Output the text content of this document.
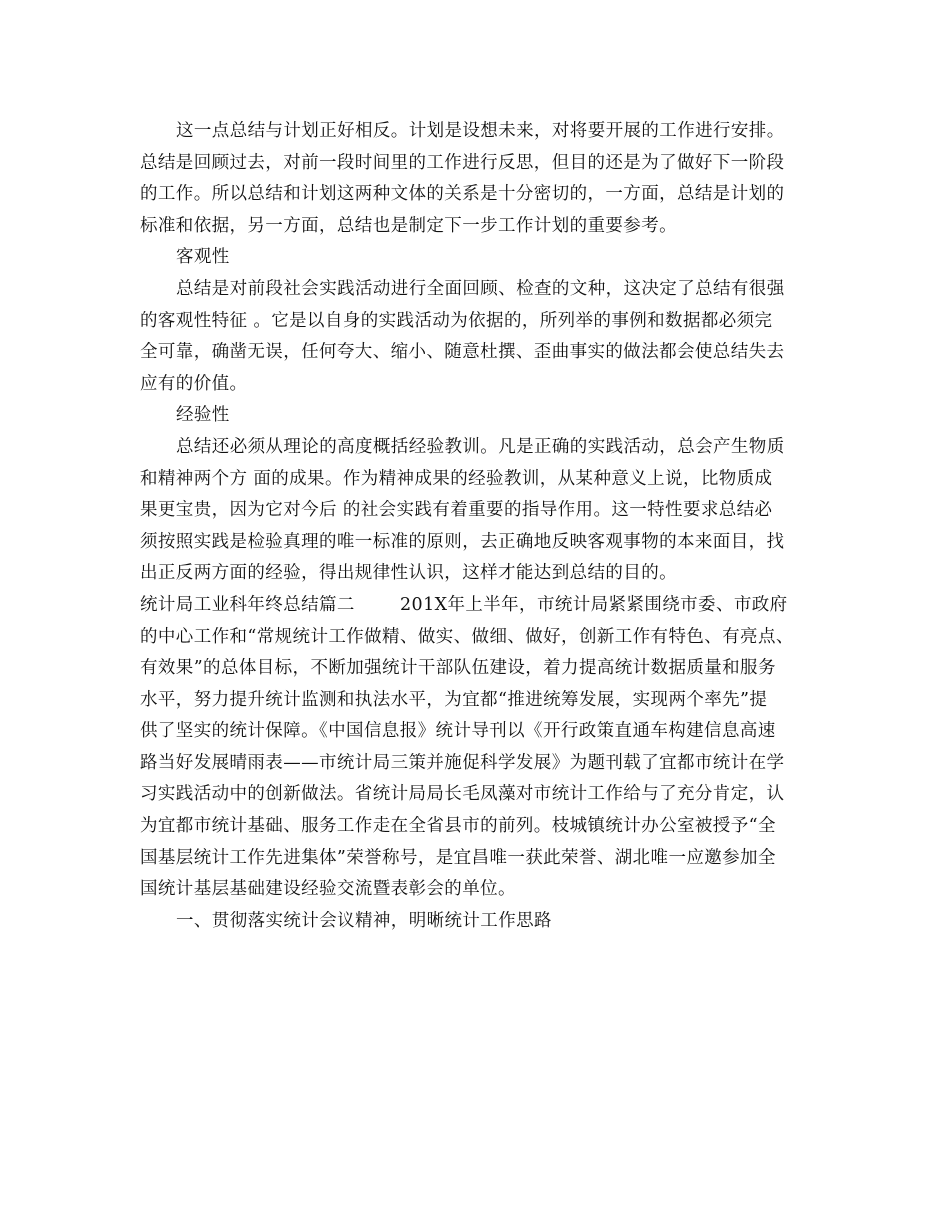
这一点总结与计划正好相反。计划是设想未来，对将要开展的工作进行安排。
总结是回顾过去，对前一段时间里的工作进行反思，但目的还是为了做好下一阶段
的工作。所以总结和计划这两种文体的关系是十分密切的，一方面，总结是计划的
标准和依据，另一方面，总结也是制定下一步工作计划的重要参考。
客观性
总结是对前段社会实践活动进行全面回顾、检查的文种，这决定了总结有很强
的客观性特征 。它是以自身的实践活动为依据的，所列举的事例和数据都必须完
全可靠，确凿无误，任何夸大、缩小、随意杜撰、歪曲事实的做法都会使总结失去
应有的价值。
经验性
总结还必须从理论的高度概括经验教训。凡是正确的实践活动，总会产生物质
和精神两个方 面的成果。作为精神成果的经验教训，从某种意义上说，比物质成
果更宝贵，因为它对今后 的社会实践有着重要的指导作用。这一特性要求总结必
须按照实践是检验真理的唯一标准的原则，去正确地反映客观事物的本来面目，找
出正反两方面的经验，得出规律性认识，这样才能达到总结的目的。
统计局工业科年终总结篇二	201X年上半年，市统计局紧紧围绕市委、市政府
的中心工作和“常规统计工作做精、做实、做细、做好，创新工作有特色、有亮点、
有效果”的总体目标，不断加强统计干部队伍建设，着力提高统计数据质量和服务
水平，努力提升统计监测和执法水平，为宜都“推进统筹发展，实现两个率先”提
供了坚实的统计保障。《中国信息报》统计导刊以《开行政策直通车构建信息高速
路当好发展晴雨表——市统计局三策并施促科学发展》为题刊载了宜都市统计在学
习实践活动中的创新做法。省统计局局长毛凤藻对市统计工作给与了充分肯定，认
为宜都市统计基础、服务工作走在全省县市的前列。枝城镇统计办公室被授予“全
国基层统计工作先进集体”荣誉称号，是宜昌唯一获此荣誉、湖北唯一应邀参加全
国统计基层基础建设经验交流暨表彰会的单位。
一、贯彻落实统计会议精神，明晰统计工作思路
